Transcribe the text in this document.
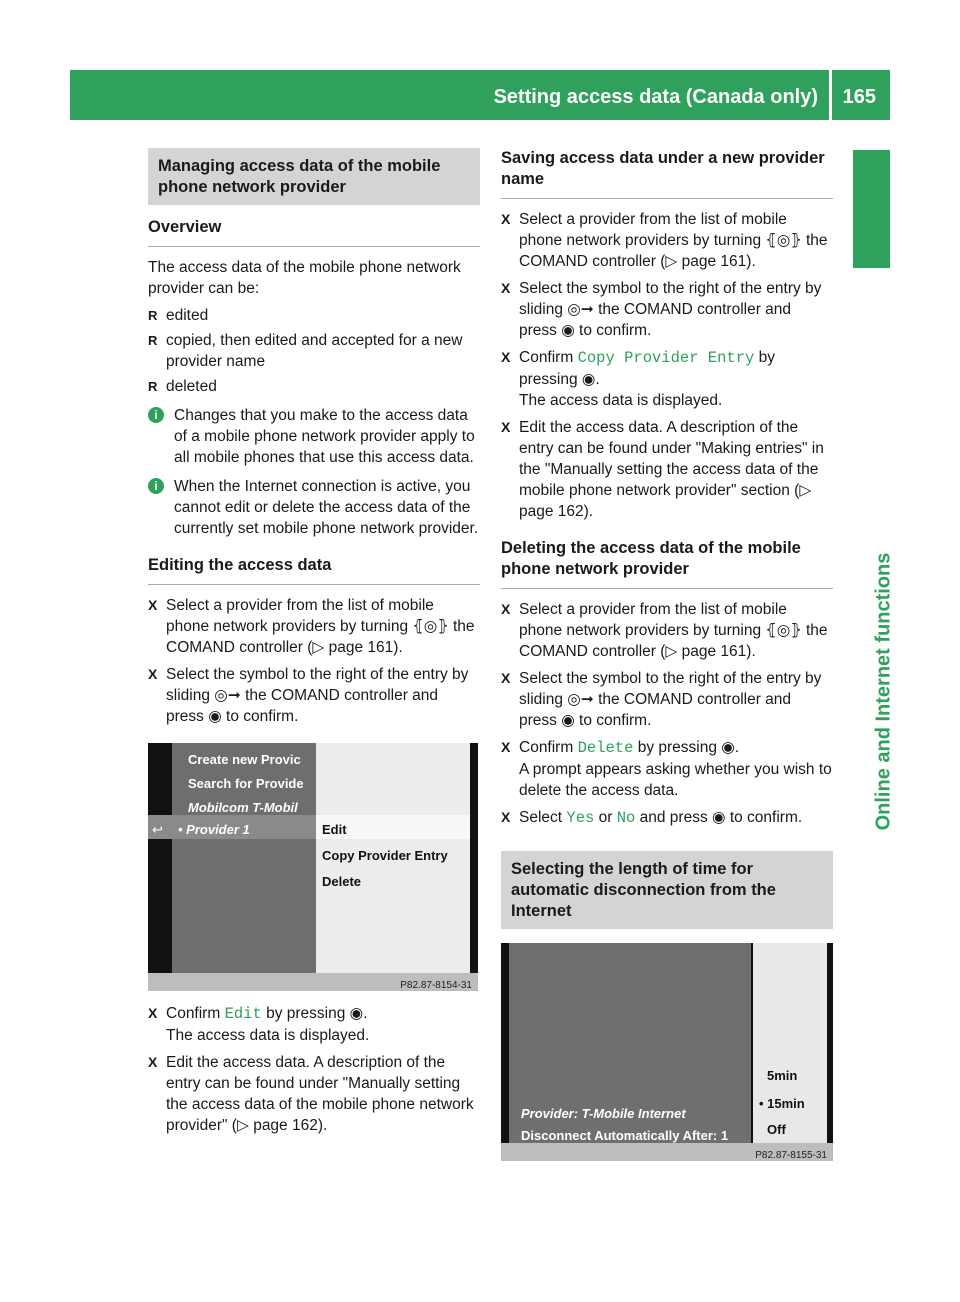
Setting access data (Canada only) 165
Online and Internet functions
Managing access data of the mobile phone network provider
Overview

The access data of the mobile phone network provider can be:

R edited
R copied, then edited and accepted for a new provider name
R deleted
i	Changes that you make to the access data of a mobile phone network provider apply to all mobile phones that use this access data.
i	When the Internet connection is active, you cannot edit or delete the access data of the currently set mobile phone network provider.
Editing the access data
X Select a provider from the list of mobile phone network providers by turning ⦃◎⦄ the COMAND controller (▷ page 161).
X Select the symbol to the right of the entry by sliding ◎➞ the COMAND controller and press ◉ to confirm.
Create new Provic
Search for Provide
Mobilcom T-Mobil
Copy Provider Entry
Delete
↩ • Provider 1	Edit
P82.87-8154-31
X Confirm Edit by pressing ◉.
The access data is displayed.
X Edit the access data. A description of the entry can be found under "Manually setting the access data of the mobile phone network provider" (▷ page 162).
Saving access data under a new provider name
X Select a provider from the list of mobile phone network providers by turning ⦃◎⦄ the COMAND controller (▷ page 161).
X Select the symbol to the right of the entry by sliding ◎➞ the COMAND controller and press ◉ to confirm.
X Confirm Copy Provider Entry by pressing ◉.
The access data is displayed.
X Edit the access data. A description of the entry can be found under "Making entries" in the "Manually setting the access data of the mobile phone network provider" section (▷ page 162).
Deleting the access data of the mobile phone network provider
X Select a provider from the list of mobile phone network providers by turning ⦃◎⦄ the COMAND controller (▷ page 161).
X Select the symbol to the right of the entry by sliding ◎➞ the COMAND controller and press ◉ to confirm.
X Confirm Delete by pressing ◉.
A prompt appears asking whether you wish to delete the access data.
X Select Yes or No and press ◉ to confirm.
Selecting the length of time for automatic disconnection from the Internet
Provider: T-Mobile Internet
Disconnect Automatically After: 1
5min
• 15min
Off
P82.87-8155-31
